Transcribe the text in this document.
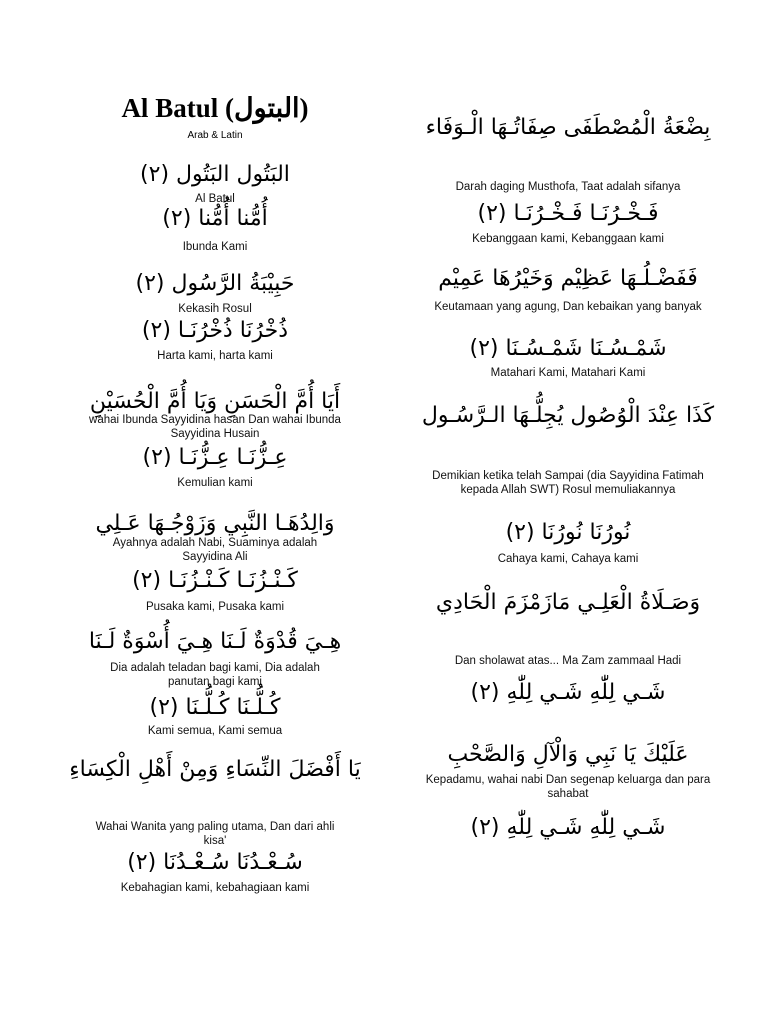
Al Batul (البتول)
Arab & Latin
البَتُول البَتُول (٢)
Al Batul
أُمُّنا أُمُّنا (٢)
Ibunda Kami
حَبِيْبَةُ الرَّسُول (٢)
Kekasih Rosul
ذُخْرُنَا ذُخْرُنَـا (٢)
Harta kami, harta kami
أَيَا أُمَّ الْحَسَنِ وَيَا أُمَّ الْحُسَيْنِ
wahai Ibunda Sayyidina hasan Dan wahai Ibunda Sayyidina Husain
عِـزُّنَـا عِـزُّنَـا (٢)
Kemulian kami
وَالِدُهَـا النَّبِي وَزَوْجُـهَا عَـلِي
Ayahnya adalah Nabi, Suaminya adalah Sayyidina Ali
كَـنْـزُنَـا كَـنْـزُنَـا (٢)
Pusaka kami, Pusaka kami
هِـيَ قُدْوَةٌ لَـنَا هِـيَ أُسْوَةٌ لَـنَا
Dia adalah teladan bagi kami, Dia adalah panutan bagi kami
كُـلُّـنَا كُـلُّـنَا (٢)
Kami semua, Kami semua
يَا أَفْضَلَ النِّسَاءِ وَمِنْ أَهْلِ الْكِسَاءِ
Wahai Wanita yang paling utama, Dan dari ahli kisa'
سُـعْـدُنَا سُـعْـدُنَا (٢)
Kebahagian kami, kebahagiaan kami
بِضْعَةُ الْمُصْطَفَى صِفَاتُـهَا الْـوَفَاء
Darah daging Musthofa, Taat adalah sifanya
فَـخْـرُنَـا فَـخْـرُنَـا (٢)
Kebanggaan kami, Kebanggaan kami
فَفَضْـلُـهَا عَظِيْم وَخَيْرُهَا عَمِيْم
Keutamaan yang agung, Dan kebaikan yang banyak
شَمْـسُـنَا شَمْـسُـنَا (٢)
Matahari Kami, Matahari Kami
كَذَا عِنْدَ الْوُصُول يُجِلُّـهَا الـرَّسُـول
Demikian ketika telah Sampai (dia Sayyidina Fatimah kepada Allah SWT) Rosul memuliakannya
نُورُنَا نُورُنَا (٢)
Cahaya kami, Cahaya kami
وَصَـلَاةُ الْعَلِـي مَازَمْزَمَ الْحَادِي
Dan sholawat atas... Ma Zam zammaal Hadi
شَـي لِلّٰهِ شَـي لِلّٰهِ (٢)
عَلَيْكَ يَا نَبِي وَالْآلِ وَالصَّحْبِ
Kepadamu, wahai nabi Dan segenap keluarga dan para sahabat
شَـي لِلّٰهِ شَـي لِلّٰهِ (٢)
